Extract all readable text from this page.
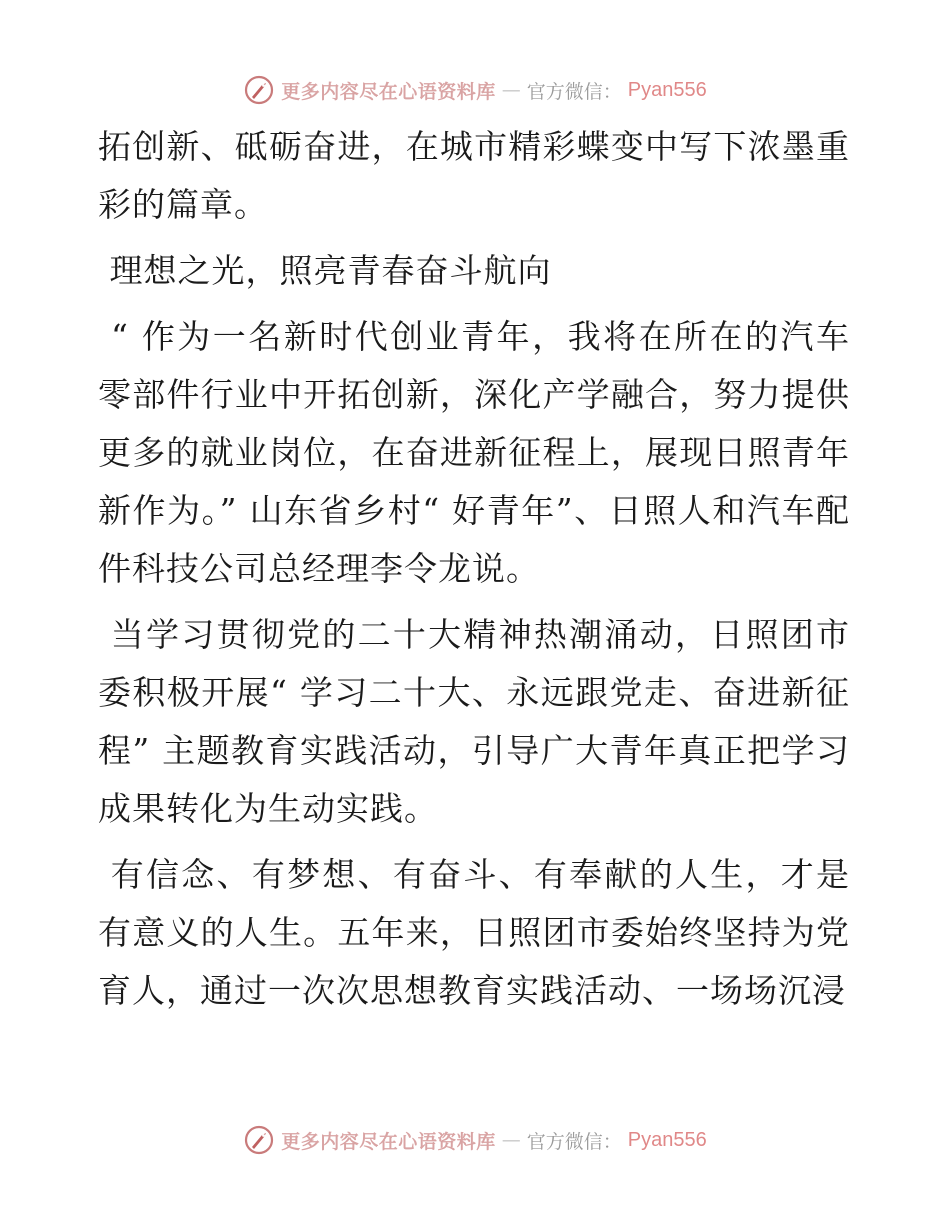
更多内容尽在心语资料库 — 官方微信： Pyan556

拓创新、砥砺奋进，在城市精彩蝶变中写下浓墨重彩的篇章。

理想之光，照亮青春奋斗航向

“ 作为一名新时代创业青年，我将在所在的汽车零部件行业中开拓创新，深化产学融合，努力提供更多的就业岗位，在奋进新征程上，展现日照青年新作为。” 山东省乡村“ 好青年”、日照人和汽车配件科技公司总经理李令龙说。

当学习贯彻党的二十大精神热潮涌动，日照团市委积极开展“ 学习二十大、永远跟党走、奋进新征程” 主题教育实践活动，引导广大青年真正把学习成果转化为生动实践。

有信念、有梦想、有奋斗、有奉献的人生，才是有意义的人生。五年来，日照团市委始终坚持为党育人，通过一次次思想教育实践活动、一场场沉浸

更多内容尽在心语资料库 — 官方微信： Pyan556
